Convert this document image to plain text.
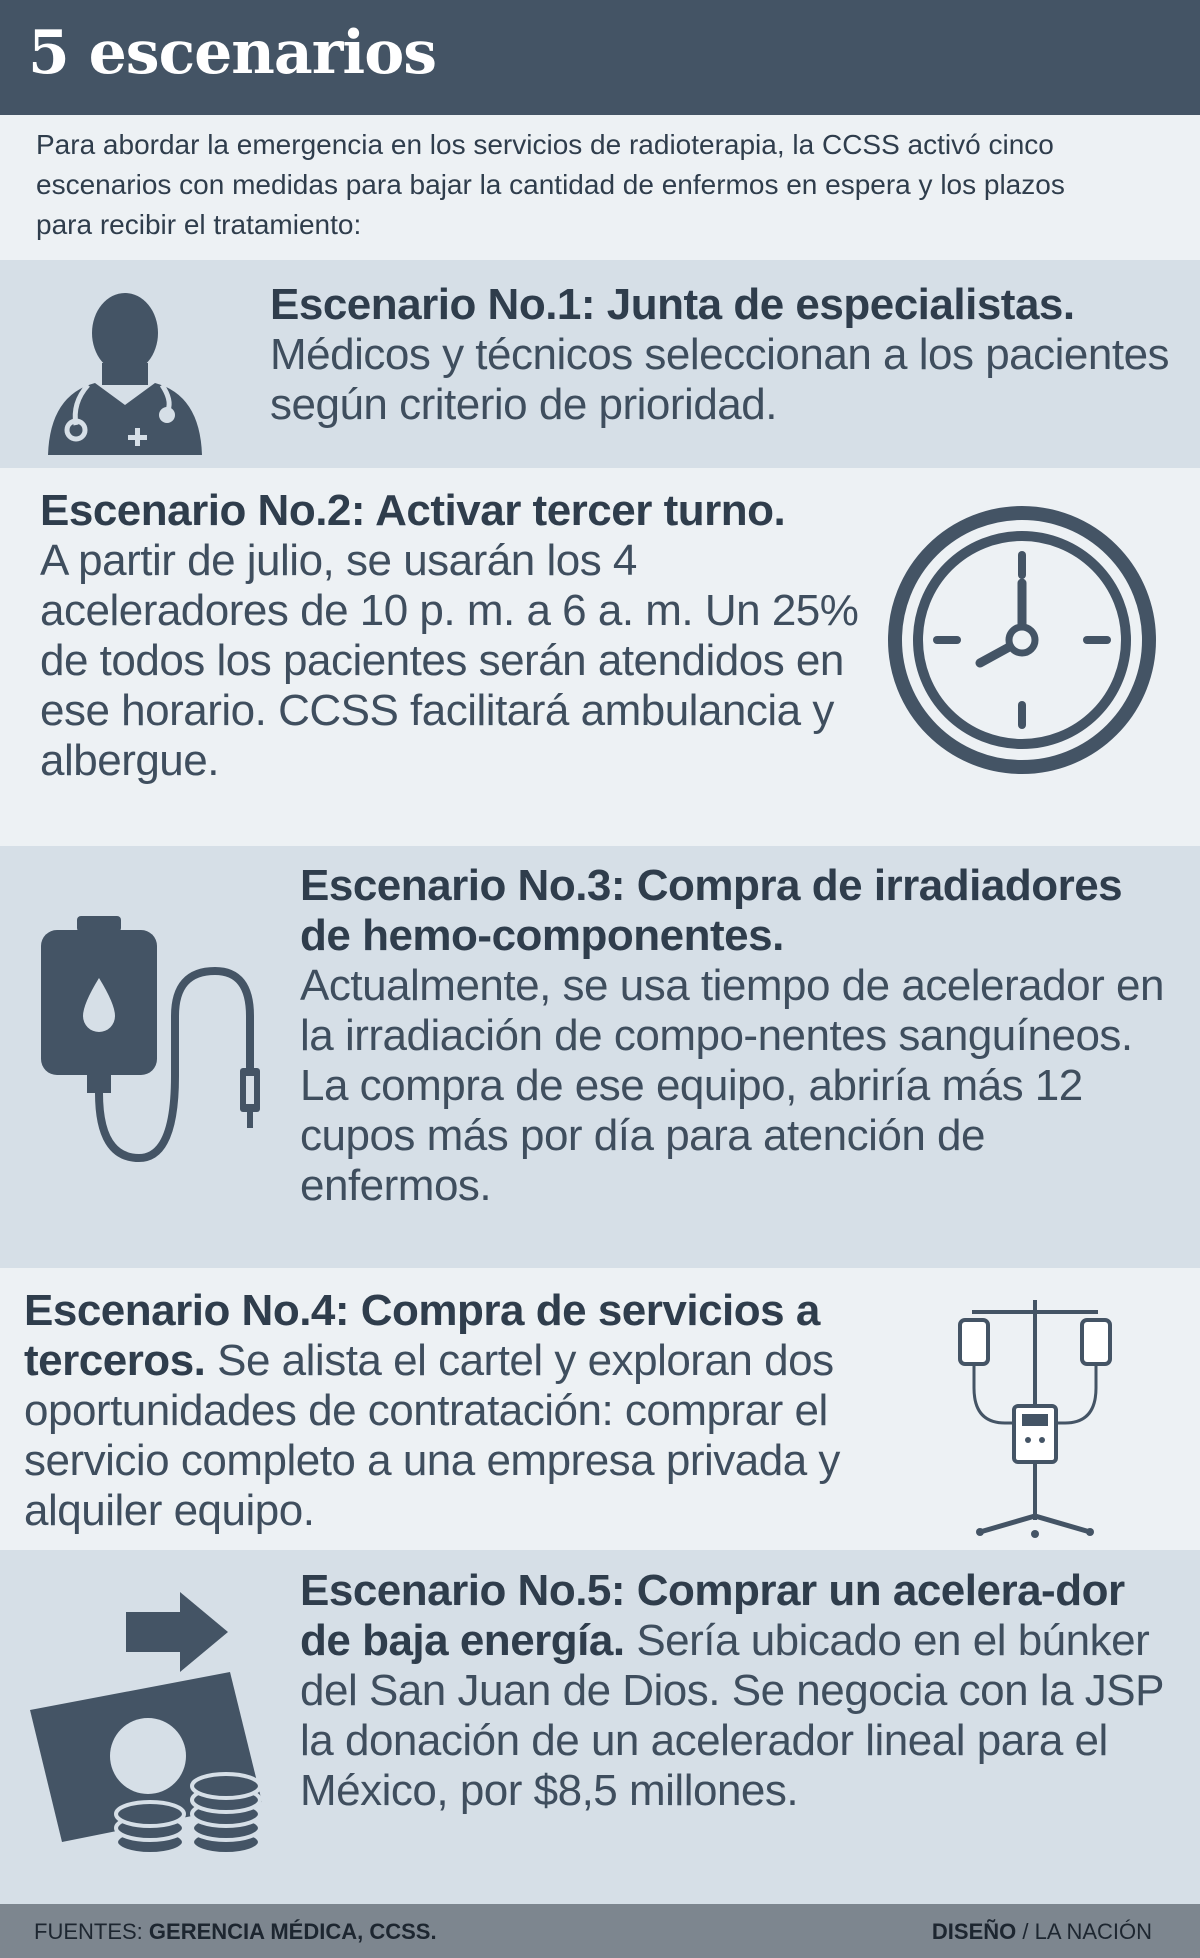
5 escenarios

Para abordar la emergencia en los servicios de radioterapia, la CCSS activó cinco escenarios con medidas para bajar la cantidad de enfermos en espera y los plazos para recibir el tratamiento:

Escenario No.1: Junta de especialistas.
Médicos y técnicos seleccionan a los pacientes según criterio de prioridad.

Escenario No.2: Activar tercer turno.
A partir de julio, se usarán los 4 aceleradores de 10 p. m. a 6 a. m. Un 25% de todos los pacientes serán atendidos en ese horario. CCSS facilitará ambulancia y albergue.

Escenario No.3: Compra de irradiadores de hemo-componentes.
Actualmente, se usa tiempo de acelerador en la irradiación de compo-nentes sanguíneos. La compra de ese equipo, abriría más 12 cupos más por día para atención de enfermos.

Escenario No.4: Compra de servicios a terceros. Se alista el cartel y exploran dos oportunidades de contratación: comprar el servicio completo a una empresa privada y alquiler equipo.

Escenario No.5: Comprar un acelera-dor de baja energía. Sería ubicado en el búnker del San Juan de Dios. Se negocia con la JSP la donación de un acelerador lineal para el México, por $8,5 millones.

FUENTES: GERENCIA MÉDICA, CCSS.	DISEÑO / LA NACIÓN
